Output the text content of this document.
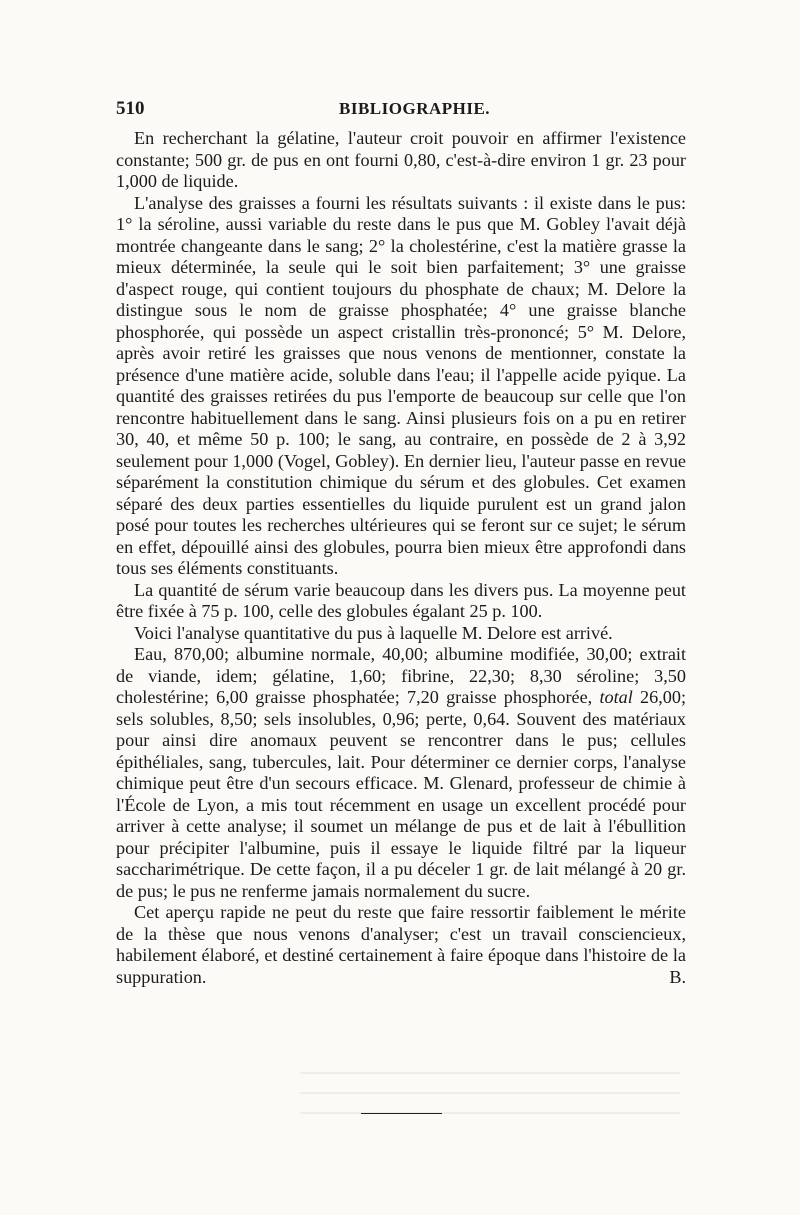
510	BIBLIOGRAPHIE.

En recherchant la gélatine, l'auteur croit pouvoir en affirmer l'existence constante; 500 gr. de pus en ont fourni 0,80, c'est-à-dire environ 1 gr. 23 pour 1,000 de liquide.

L'analyse des graisses a fourni les résultats suivants : il existe dans le pus: 1° la séroline, aussi variable du reste dans le pus que M. Gobley l'avait déjà montrée changeante dans le sang; 2° la cholestérine, c'est la matière grasse la mieux déterminée, la seule qui le soit bien parfaitement; 3° une graisse d'aspect rouge, qui contient toujours du phosphate de chaux; M. Delore la distingue sous le nom de graisse phosphatée; 4° une graisse blanche phosphorée, qui possède un aspect cristallin très-prononcé; 5° M. Delore, après avoir retiré les graisses que nous venons de mentionner, constate la présence d'une matière acide, soluble dans l'eau; il l'appelle acide pyique. La quantité des graisses retirées du pus l'emporte de beaucoup sur celle que l'on rencontre habituellement dans le sang. Ainsi plusieurs fois on a pu en retirer 30, 40, et même 50 p. 100; le sang, au contraire, en possède de 2 à 3,92 seulement pour 1,000 (Vogel, Gobley). En dernier lieu, l'auteur passe en revue séparément la constitution chimique du sérum et des globules. Cet examen séparé des deux parties essentielles du liquide purulent est un grand jalon posé pour toutes les recherches ultérieures qui se feront sur ce sujet; le sérum en effet, dépouillé ainsi des globules, pourra bien mieux être approfondi dans tous ses éléments constituants.

La quantité de sérum varie beaucoup dans les divers pus. La moyenne peut être fixée à 75 p. 100, celle des globules égalant 25 p. 100.

Voici l'analyse quantitative du pus à laquelle M. Delore est arrivé.

Eau, 870,00; albumine normale, 40,00; albumine modifiée, 30,00; extrait de viande, idem; gélatine, 1,60; fibrine, 22,30; 8,30 séroline; 3,50 cholestérine; 6,00 graisse phosphatée; 7,20 graisse phosphorée, total 26,00; sels solubles, 8,50; sels insolubles, 0,96; perte, 0,64. Souvent des matériaux pour ainsi dire anomaux peuvent se rencontrer dans le pus; cellules épithéliales, sang, tubercules, lait. Pour déterminer ce dernier corps, l'analyse chimique peut être d'un secours efficace. M. Glenard, professeur de chimie à l'École de Lyon, a mis tout récemment en usage un excellent procédé pour arriver à cette analyse; il soumet un mélange de pus et de lait à l'ébullition pour précipiter l'albumine, puis il essaye le liquide filtré par la liqueur saccharimétrique. De cette façon, il a pu déceler 1 gr. de lait mélangé à 20 gr. de pus; le pus ne renferme jamais normalement du sucre.

Cet aperçu rapide ne peut du reste que faire ressortir faiblement le mérite de la thèse que nous venons d'analyser; c'est un travail consciencieux, habilement élaboré, et destiné certainement à faire époque dans l'histoire de la suppuration.	B.
